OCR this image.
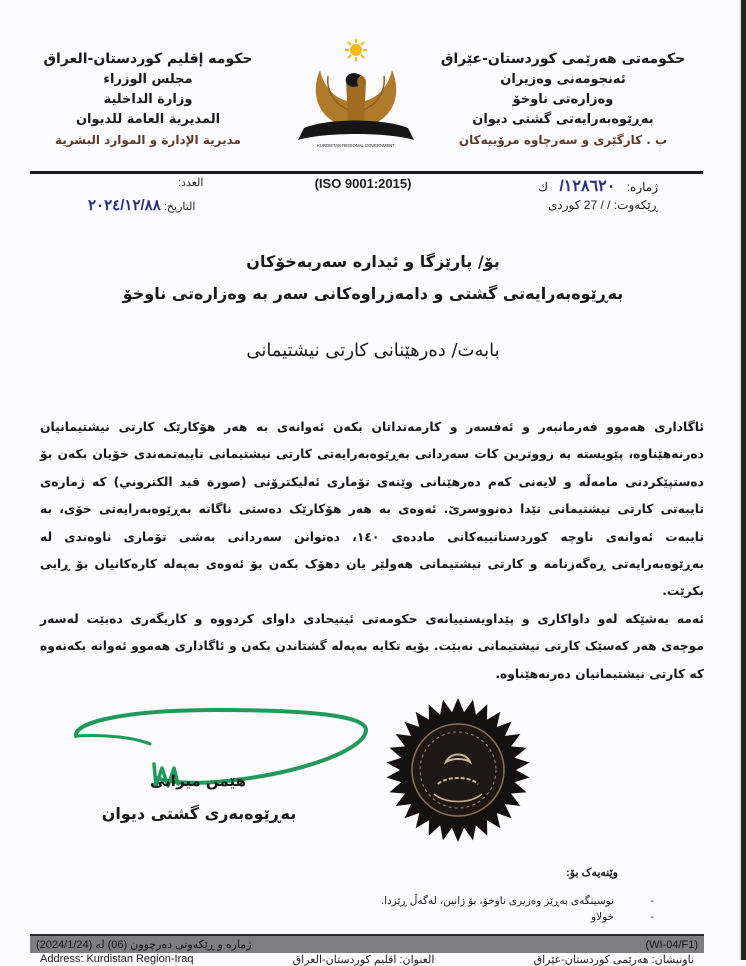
حکومەتی هەرێمی کوردستان-عێراق
ئەنجومەنی وەزیران
وەزارەتی ناوخۆ
بەڕێوەبەرایەتی گشتی دیوان
ب . کارگێری و سەرچاوە مرۆییەکان
حكومه إقليم كوردستان-العراق
مجلس الوزراء
وزارة الداخلية
المديرية العامة للديوان
مديرية الإدارة و الموارد البشرية	KURDISTAN REGIONAL GOVERNMENT
(ISO 9001:2015)	ژمارە: ١٢٨٦٢٠/ ك
ڕێکەوت: / / 27 کوردی
العدد:
التاريخ: ٢٠٢٤/١٢/٨٨
بۆ/ پارێزگا و ئیدارە سەربەخۆکان
بەڕێوەبەرایەتی گشتی و دامەزراوەکانی سەر بە وەزارەتی ناوخۆ
بابەت/ دەرهێنانی کارتی نیشتیمانی
ئاگاداری هەموو فەرمانبەر و ئەفسەر و کارمەنداتان بکەن ئەوانەی بە هەر هۆکارێک کارتی نیشتیمانیان دەرنەهێناوە، پێویستە بە زووترین کات سەردانی بەڕێوەبەرایەتی کارتی نیشتیمانی تایبەتمەندی خۆیان بکەن بۆ دەستپێکردنی مامەڵە و لایەنی کەم دەرهێنانی وێنەی تۆماری ئەلیکترۆنی (صورة قيد الكتروني) کە ژمارەی تایبەتی کارتی نیشتیمانی تێدا دەنووسرێ. ئەوەی بە هەر هۆکارێک دەستی ناگاتە بەڕێوەبەرایەتی خۆی، بە تایبەت ئەوانەی ناوچە کوردستانییەکانی ماددەی ١٤٠، دەتوانن سەردانی بەشی تۆماری ناوەندی لە بەڕێوەبەرایەتی ڕەگەزنامە و کارتی نیشتیمانی هەولێر یان دهۆک بکەن بۆ ئەوەی بەپەلە کارەکانیان بۆ ڕایی بکرێت.
ئەمە بەشێکە لەو داواکاری و پێداویستییانەی حکومەتی ئیتیحادی داوای کردووە و کاریگەری دەبێت لەسەر موچەی هەر کەسێک کارتی نیشتیمانی نەبێت. بۆیە تکایە بەپەلە گشتاندن بکەن و ئاگاداری هەموو ئەوانە بکەنەوە کە کارتی نیشتیمانیان دەرنەهێناوە.
هێمن میرانی
بەڕێوەبەری گشتی دیوان
وێنەیەک بۆ:
- نوسینگەی بەڕێز وەزیری ناوخۆ، بۆ زانین، لەگەڵ ڕێزدا.
- خولاو
ژمارە و ڕێکەوتی دەرچوون (06) لە (2024/1/24)	(WI-04/F1)
Address: Kurdistan Region-Iraq	العنوان: اقليم كوردستان-العراق	ناونیشان: هەرێمی کوردستان-عێراق
